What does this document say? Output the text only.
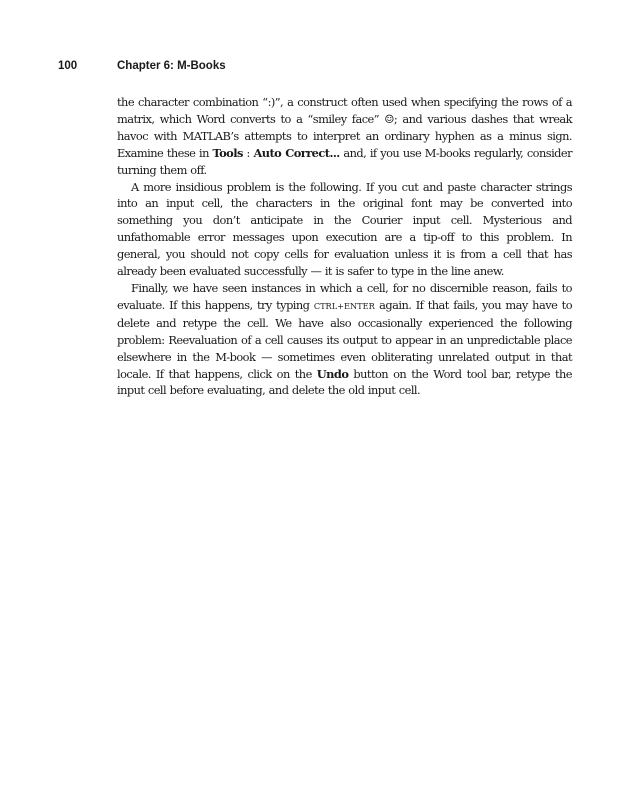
100	Chapter 6: M-Books

the character combination “:)”, a construct often used when specifying the rows of a matrix, which Word converts to a “smiley face” ☺; and various dashes that wreak havoc with MATLAB’s attempts to interpret an ordinary hyphen as a minus sign. Examine these in Tools : Auto Correct... and, if you use M-books regularly, consider turning them off.

A more insidious problem is the following. If you cut and paste character strings into an input cell, the characters in the original font may be converted into something you don’t anticipate in the Courier input cell. Mysterious and unfathomable error messages upon execution are a tip-off to this problem. In general, you should not copy cells for evaluation unless it is from a cell that has already been evaluated successfully — it is safer to type in the line anew.

Finally, we have seen instances in which a cell, for no discernible reason, fails to evaluate. If this happens, try typing CTRL+ENTER again. If that fails, you may have to delete and retype the cell. We have also occasionally experienced the following problem: Reevaluation of a cell causes its output to appear in an unpredictable place elsewhere in the M-book — sometimes even obliterating unrelated output in that locale. If that happens, click on the Undo button on the Word tool bar, retype the input cell before evaluating, and delete the old input cell.
